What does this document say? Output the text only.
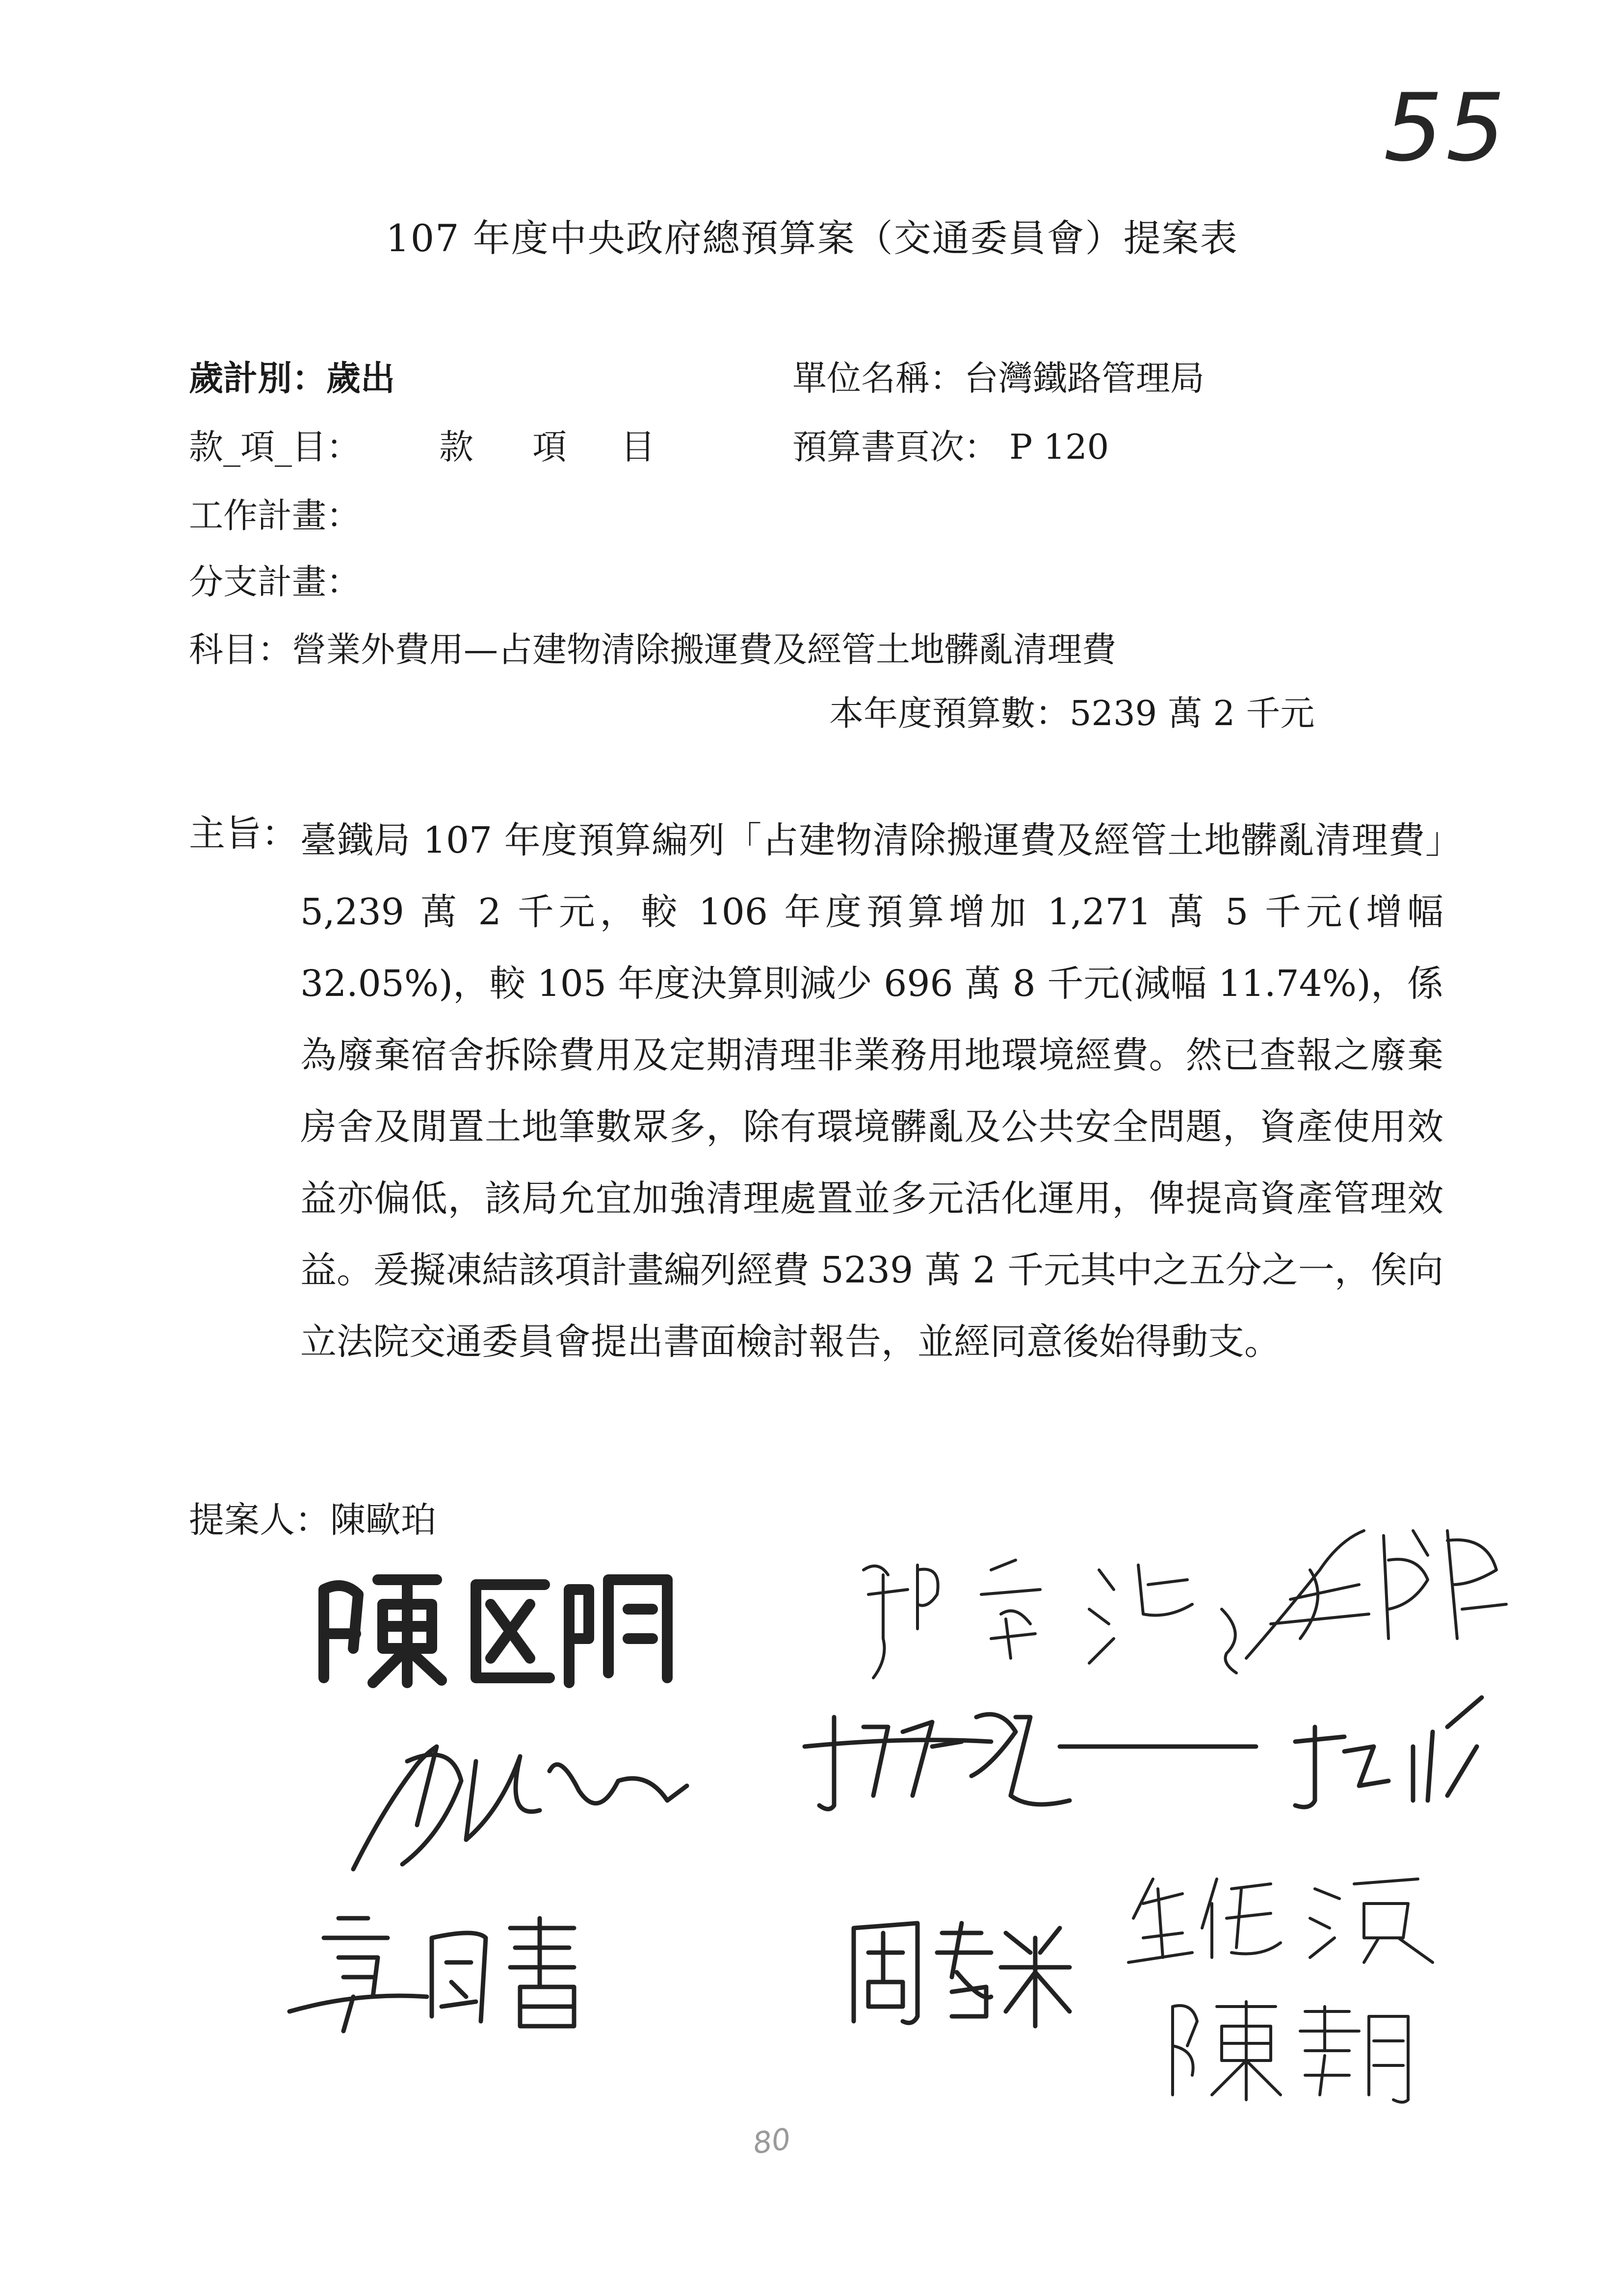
55
107 年度中央政府總預算案（交通委員會）提案表
歲計別：歲出	單位名稱：台灣鐵路管理局
款_項_目： 款 項 目	預算書頁次： P 120
工作計畫：
分支計畫：
科目：營業外費用—占建物清除搬運費及經管土地髒亂清理費
本年度預算數：5239 萬 2 千元
主旨： 臺鐵局 107 年度預算編列「占建物清除搬運費及經管土地髒亂清理費」5,239 萬 2 千元，較 106 年度預算增加 1,271 萬 5 千元(增幅 32.05%)，較 105 年度決算則減少 696 萬 8 千元(減幅 11.74%)，係為廢棄宿舍拆除費用及定期清理非業務用地環境經費。然已查報之廢棄房舍及閒置土地筆數眾多，除有環境髒亂及公共安全問題，資產使用效益亦偏低，該局允宜加強清理處置並多元活化運用，俾提高資產管理效益。爰擬凍結該項計畫編列經費 5239 萬 2 千元其中之五分之一，俟向立法院交通委員會提出書面檢討報告，並經同意後始得動支。
提案人：陳歐珀
80
